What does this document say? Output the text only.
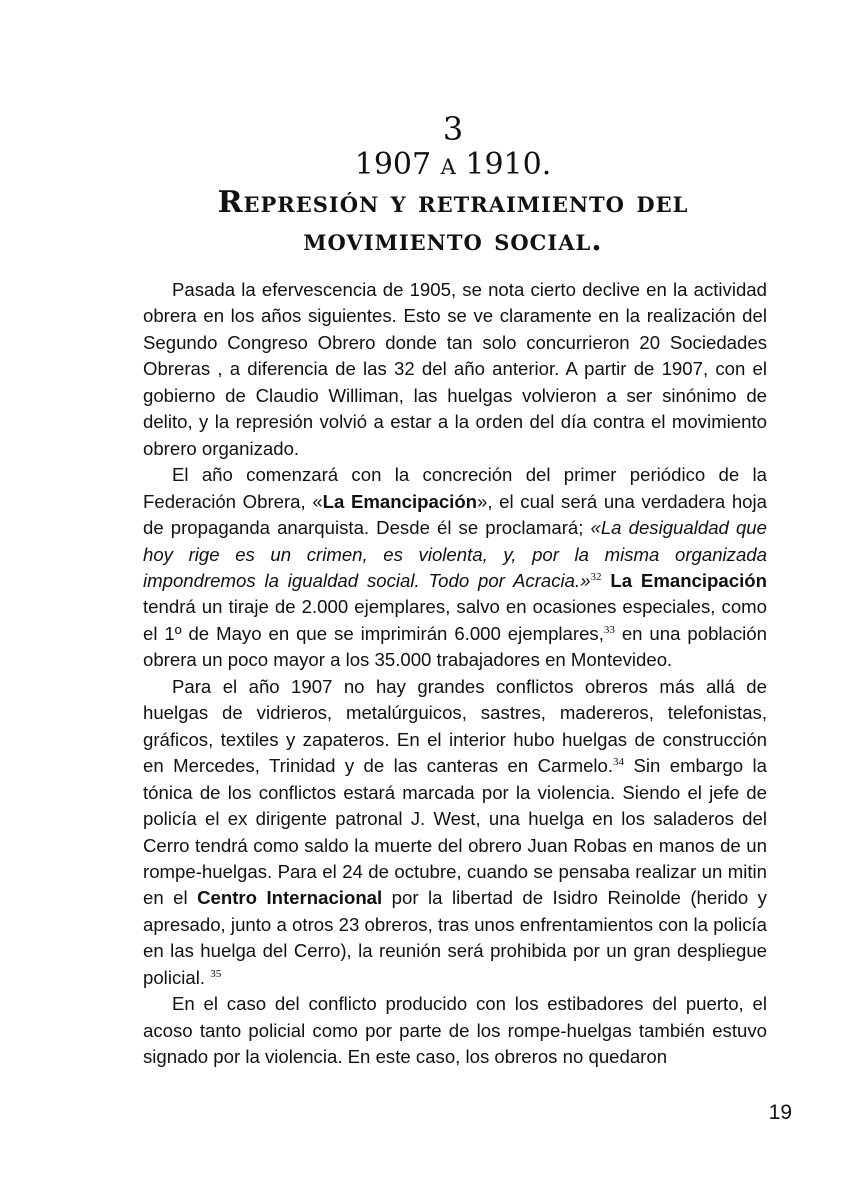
3

1907 a 1910.

Represión y retraimiento del

movimiento social.

Pasada la efervescencia de 1905, se nota cierto declive en la actividad obrera en los años siguientes. Esto se ve claramente en la realización del Segundo Congreso Obrero donde tan solo concurrieron 20 Sociedades Obreras , a diferencia de las 32 del año anterior. A partir de 1907, con el gobierno de Claudio Williman, las huelgas volvieron a ser sinónimo de delito, y la represión volvió a estar a la orden del día contra el movimiento obrero organizado.

El año comenzará con la concreción del primer periódico de la Federación Obrera, «La Emancipación», el cual será una verdadera hoja de propaganda anarquista. Desde él se proclamará; «La desigualdad que hoy rige es un crimen, es violenta, y, por la misma organizada impondremos la igualdad social. Todo por Acracia.»$^{32}$ La Emancipación tendrá un tiraje de 2.000 ejemplares, salvo en ocasiones especiales, como el 1º de Mayo en que se imprimirán 6.000 ejemplares,$^{33}$ en una población obrera un poco mayor a los 35.000 trabajadores en Montevideo.

Para el año 1907 no hay grandes conflictos obreros más allá de huelgas de vidrieros, metalúrguicos, sastres, madereros, telefonistas, gráficos, textiles y zapateros. En el interior hubo huelgas de construcción en Mercedes, Trinidad y de las canteras en Carmelo.$^{34}$ Sin embargo la tónica de los conflictos estará marcada por la violencia. Siendo el jefe de policía el ex dirigente patronal J. West, una huelga en los saladeros del Cerro tendrá como saldo la muerte del obrero Juan Robas en manos de un rompe-huelgas. Para el 24 de octubre, cuando se pensaba realizar un mitin en el Centro Internacional por la libertad de Isidro Reinolde (herido y apresado, junto a otros 23 obreros, tras unos enfrentamientos con la policía en las huelga del Cerro), la reunión será prohibida por un gran despliegue policial. $^{35}$

En el caso del conflicto producido con los estibadores del puerto, el acoso tanto policial como por parte de los rompe-huelgas también estuvo signado por la violencia. En este caso, los obreros no quedaron

19
